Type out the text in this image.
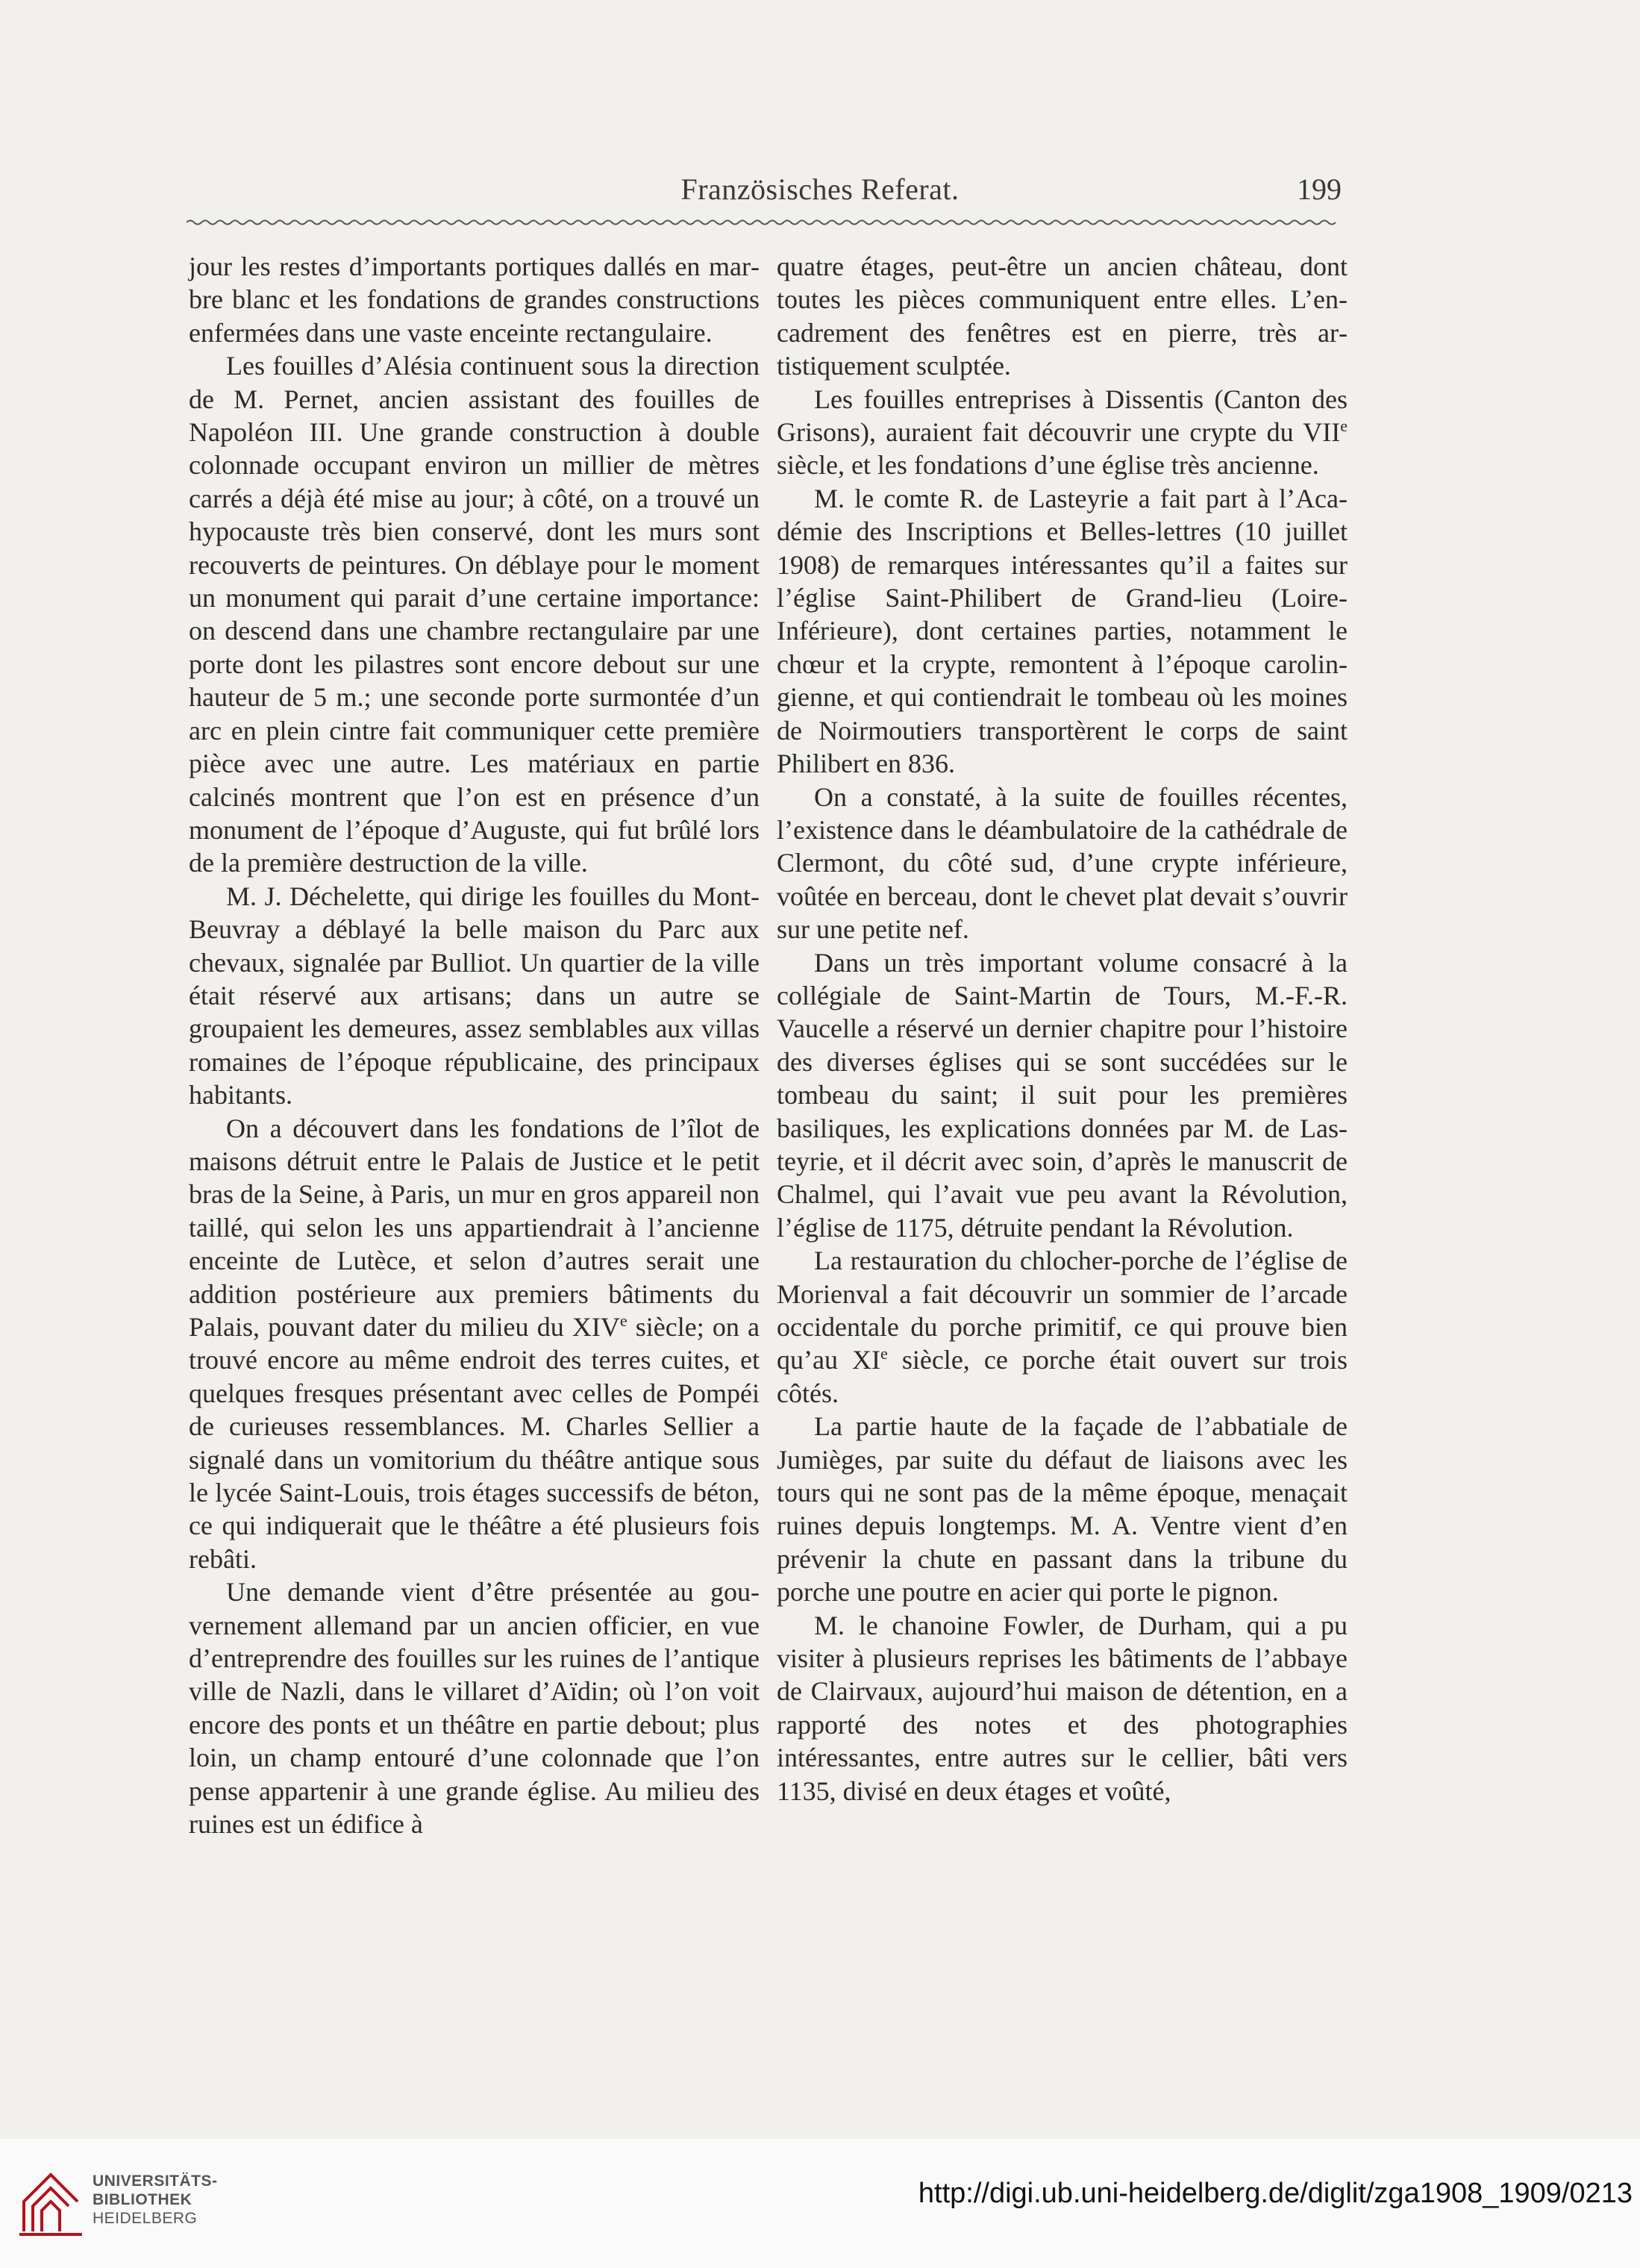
Französisches Referat.	199

jour les restes d’importants portiques dallés en marbre blanc et les fondations de grandes constructions enfermées dans une vaste enceinte rectangulaire.

Les fouilles d’Alésia continuent sous la direction de M. Pernet, ancien assistant des fouilles de Napoléon III. Une grande construction à double colonnade occupant environ un millier de mètres carrés a déjà été mise au jour; à côté, on a trouvé un hypocauste très bien conservé, dont les murs sont recouverts de peintures. On déblaye pour le moment un monument qui parait d’une certaine importance: on descend dans une chambre rectangulaire par une porte dont les pilastres sont encore debout sur une hauteur de 5 m.; une seconde porte surmontée d’un arc en plein cintre fait communiquer cette première pièce avec une autre. Les matériaux en partie calcinés montrent que l’on est en présence d’un monument de l’époque d’Auguste, qui fut brûlé lors de la première destruction de la ville.

M. J. Déchelette, qui dirige les fouilles du Mont-Beuvray a déblayé la belle maison du Parc aux chevaux, signalée par Bulliot. Un quartier de la ville était réservé aux artisans; dans un autre se groupaient les demeures, assez semblables aux villas romaines de l’époque républicaine, des principaux habitants.

On a découvert dans les fondations de l’îlot de maisons détruit entre le Palais de Justice et le petit bras de la Seine, à Paris, un mur en gros appareil non taillé, qui selon les uns appartiendrait à l’ancienne enceinte de Lutèce, et selon d’autres serait une addition postérieure aux premiers bâtiments du Palais, pouvant dater du milieu du XIVe siècle; on a trouvé encore au même endroit des terres cuites, et quelques fresques présentant avec celles de Pompéi de curieuses ressemblances. M. Charles Sellier a signalé dans un vomitorium du théâtre antique sous le lycée Saint-Louis, trois étages successifs de béton, ce qui indiquerait que le théâtre a été plusieurs fois rebâti.

Une demande vient d’être présentée au gouvernement allemand par un ancien officier, en vue d’entreprendre des fouilles sur les ruines de l’antique ville de Nazli, dans le villaret d’Aïdin; où l’on voit encore des ponts et un théâtre en partie debout; plus loin, un champ entouré d’une colonnade que l’on pense appartenir à une grande église. Au milieu des ruines est un édifice à

quatre étages, peut-être un ancien château, dont toutes les pièces communiquent entre elles. L’encadrement des fenêtres est en pierre, très artistiquement sculptée.

Les fouilles entreprises à Dissentis (Canton des Grisons), auraient fait découvrir une crypte du VIIe siècle, et les fondations d’une église très ancienne.

M. le comte R. de Lasteyrie a fait part à l’Académie des Inscriptions et Belles-lettres (10 juillet 1908) de remarques intéressantes qu’il a faites sur l’église Saint-Philibert de Grand-lieu (Loire-Inférieure), dont certaines parties, notamment le chœur et la crypte, remontent à l’époque carolingienne, et qui contiendrait le tombeau où les moines de Noirmoutiers transportèrent le corps de saint Philibert en 836.

On a constaté, à la suite de fouilles récentes, l’existence dans le déambulatoire de la cathédrale de Clermont, du côté sud, d’une crypte inférieure, voûtée en berceau, dont le chevet plat devait s’ouvrir sur une petite nef.

Dans un très important volume consacré à la collégiale de Saint-Martin de Tours, M.-F.-R. Vaucelle a réservé un dernier chapitre pour l’histoire des diverses églises qui se sont succédées sur le tombeau du saint; il suit pour les premières basiliques, les explications données par M. de Lasteyrie, et il décrit avec soin, d’après le manuscrit de Chalmel, qui l’avait vue peu avant la Révolution, l’église de 1175, détruite pendant la Révolution.

La restauration du chlocher-porche de l’église de Morienval a fait découvrir un sommier de l’arcade occidentale du porche primitif, ce qui prouve bien qu’au XIe siècle, ce porche était ouvert sur trois côtés.

La partie haute de la façade de l’abbatiale de Jumièges, par suite du défaut de liaisons avec les tours qui ne sont pas de la même époque, menaçait ruines depuis longtemps. M. A. Ventre vient d’en prévenir la chute en passant dans la tribune du porche une poutre en acier qui porte le pignon.

M. le chanoine Fowler, de Durham, qui a pu visiter à plusieurs reprises les bâtiments de l’abbaye de Clairvaux, aujourd’hui maison de détention, en a rapporté des notes et des photographies intéressantes, entre autres sur le cellier, bâti vers 1135, divisé en deux étages et voûté,

UNIVERSITÄTS-
BIBLIOTHEK
HEIDELBERG
http://digi.ub.uni-heidelberg.de/diglit/zga1908_1909/0213
